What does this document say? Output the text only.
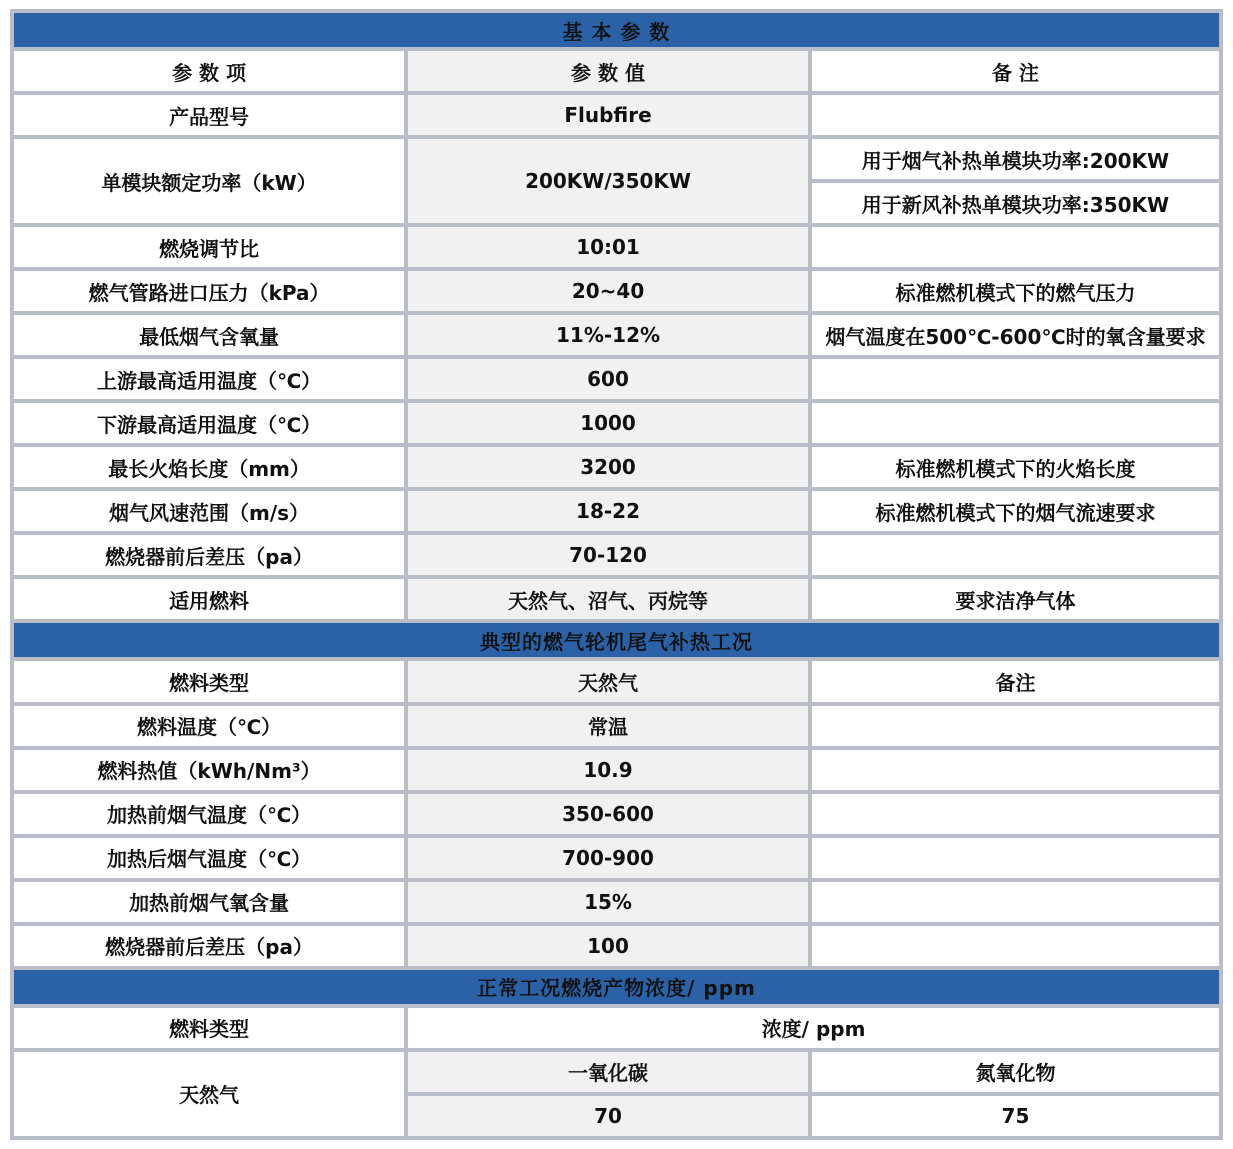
基 本 参 数		
参 数 项	参 数 值	备 注
产品型号	Flubfire	
单模块额定功率（kW）	200KW/350KW	用于烟气补热单模块功率:200KW
		用于新风补热单模块功率:350KW
燃烧调节比	10:01	
燃气管路进口压力（kPa）	20~40	标准燃机模式下的燃气压力
最低烟气含氧量	11%-12%	烟气温度在500℃-600℃时的氧含量要求
上游最高适用温度（℃）	600	
下游最高适用温度（℃）	1000	
最长火焰长度（mm）	3200	标准燃机模式下的火焰长度
烟气风速范围（m/s）	18-22	标准燃机模式下的烟气流速要求
燃烧器前后差压（pa）	70-120	
适用燃料	天然气、沼气、丙烷等	要求洁净气体
典型的燃气轮机尾气补热工况		
燃料类型	天然气	备注
燃料温度（℃）	常温	
燃料热值（kWh/Nm³）	10.9	
加热前烟气温度（℃）	350-600	
加热后烟气温度（℃）	700-900	
加热前烟气氧含量	15%	
燃烧器前后差压（pa）	100	
正常工况燃烧产物浓度/ ppm		
燃料类型	浓度/ ppm	
天然气	一氧化碳	氮氧化物
	70	75
